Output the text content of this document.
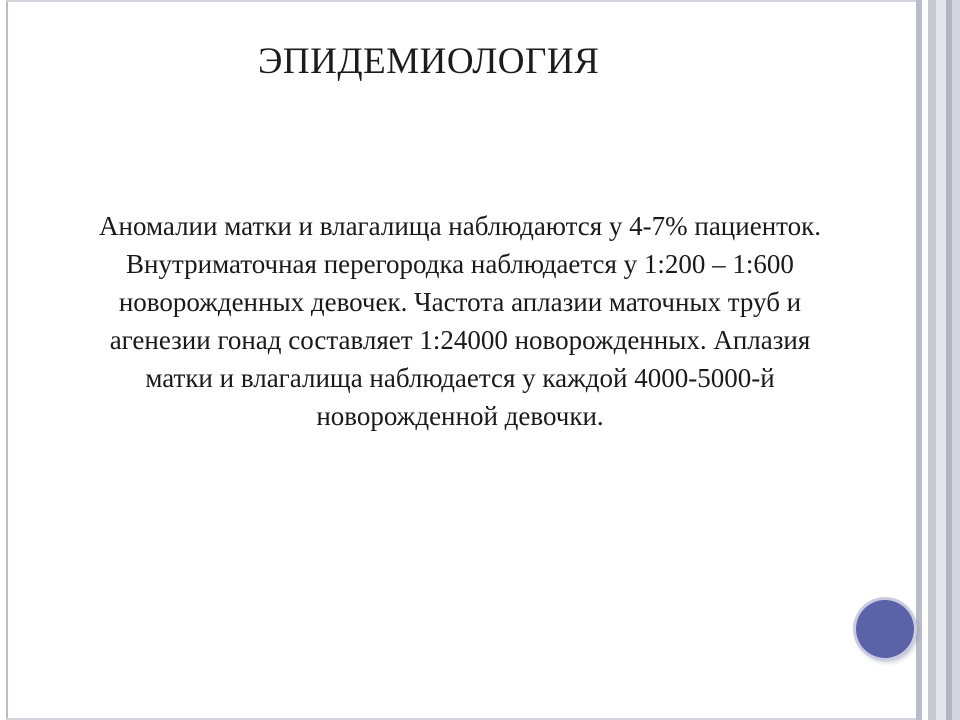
ЭПИДЕМИОЛОГИЯ

Аномалии матки и влагалища наблюдаются у 4-7% пациенток.

Внутриматочная перегородка наблюдается у 1:200 – 1:600 новорожденных девочек. Частота аплазии маточных труб и агенезии гонад составляет 1:24000 новорожденных. Аплазия матки и влагалища наблюдается у каждой 4000-5000-й новорожденной девочки.
